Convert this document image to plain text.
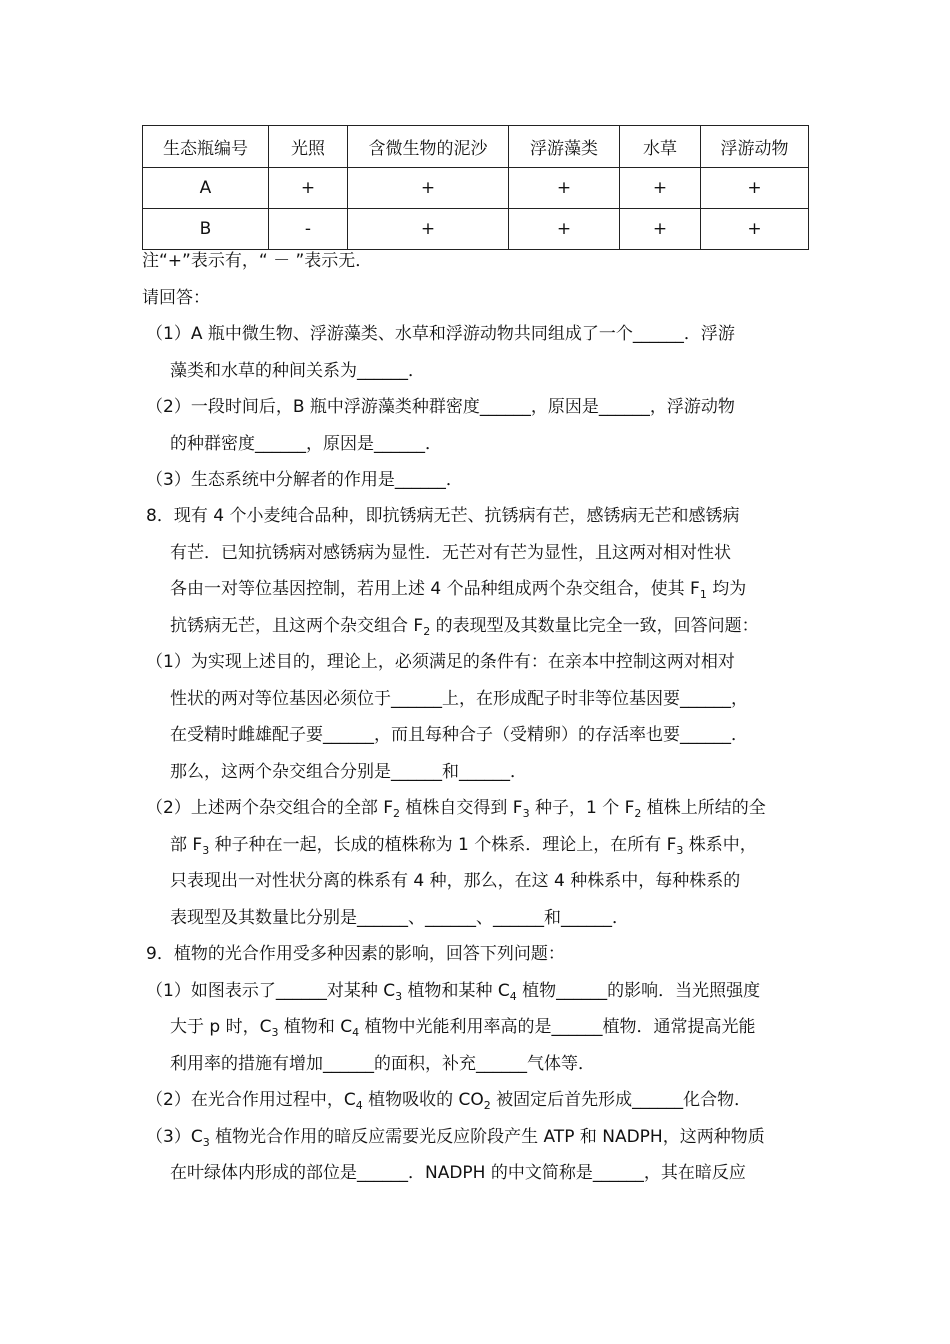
生态瓶编号	光照	含微生物的泥沙	浮游藻类	水草	浮游动物
A	+	+	+	+	+
B	-	+	+	+	+
注“+”表示有，“ － ”表示无．
请回答：
（1）A 瓶中微生物、浮游藻类、水草和浮游动物共同组成了一个______．浮游
藻类和水草的种间关系为______．
（2）一段时间后，B 瓶中浮游藻类种群密度______，原因是______，浮游动物
的种群密度______，原因是______．
（3）生态系统中分解者的作用是______．
8．现有 4 个小麦纯合品种，即抗锈病无芒、抗锈病有芒，感锈病无芒和感锈病
有芒．已知抗锈病对感锈病为显性．无芒对有芒为显性，且这两对相对性状
各由一对等位基因控制，若用上述 4 个品种组成两个杂交组合，使其 $F_1$ 均为
抗锈病无芒，且这两个杂交组合 $F_2$ 的表现型及其数量比完全一致，回答问题：
（1）为实现上述目的，理论上，必须满足的条件有：在亲本中控制这两对相对
性状的两对等位基因必须位于______上，在形成配子时非等位基因要______，
在受精时雌雄配子要______，而且每种合子（受精卵）的存活率也要______．
那么，这两个杂交组合分别是______和______．
（2）上述两个杂交组合的全部 $F_2$ 植株自交得到 $F_3$ 种子，1 个 $F_2$ 植株上所结的全
部 $F_3$ 种子种在一起，长成的植株称为 1 个株系．理论上，在所有 $F_3$ 株系中，
只表现出一对性状分离的株系有 4 种，那么，在这 4 种株系中，每种株系的
表现型及其数量比分别是______、______、______和______．
9．植物的光合作用受多种因素的影响，回答下列问题：
（1）如图表示了______对某种 $C_3$ 植物和某种 $C_4$ 植物______的影响．当光照强度
大于 p 时，$C_3$ 植物和 $C_4$ 植物中光能利用率高的是______植物．通常提高光能
利用率的措施有增加______的面积，补充______气体等．
（2）在光合作用过程中，$C_4$ 植物吸收的 $CO_2$ 被固定后首先形成______化合物．
$(3)C_3$ 植物光合作用的暗反应需要光反应阶段产生 ATP 和 NADPH，这两种物质
在叶绿体内形成的部位是______．NADPH 的中文简称是______，其在暗反应
